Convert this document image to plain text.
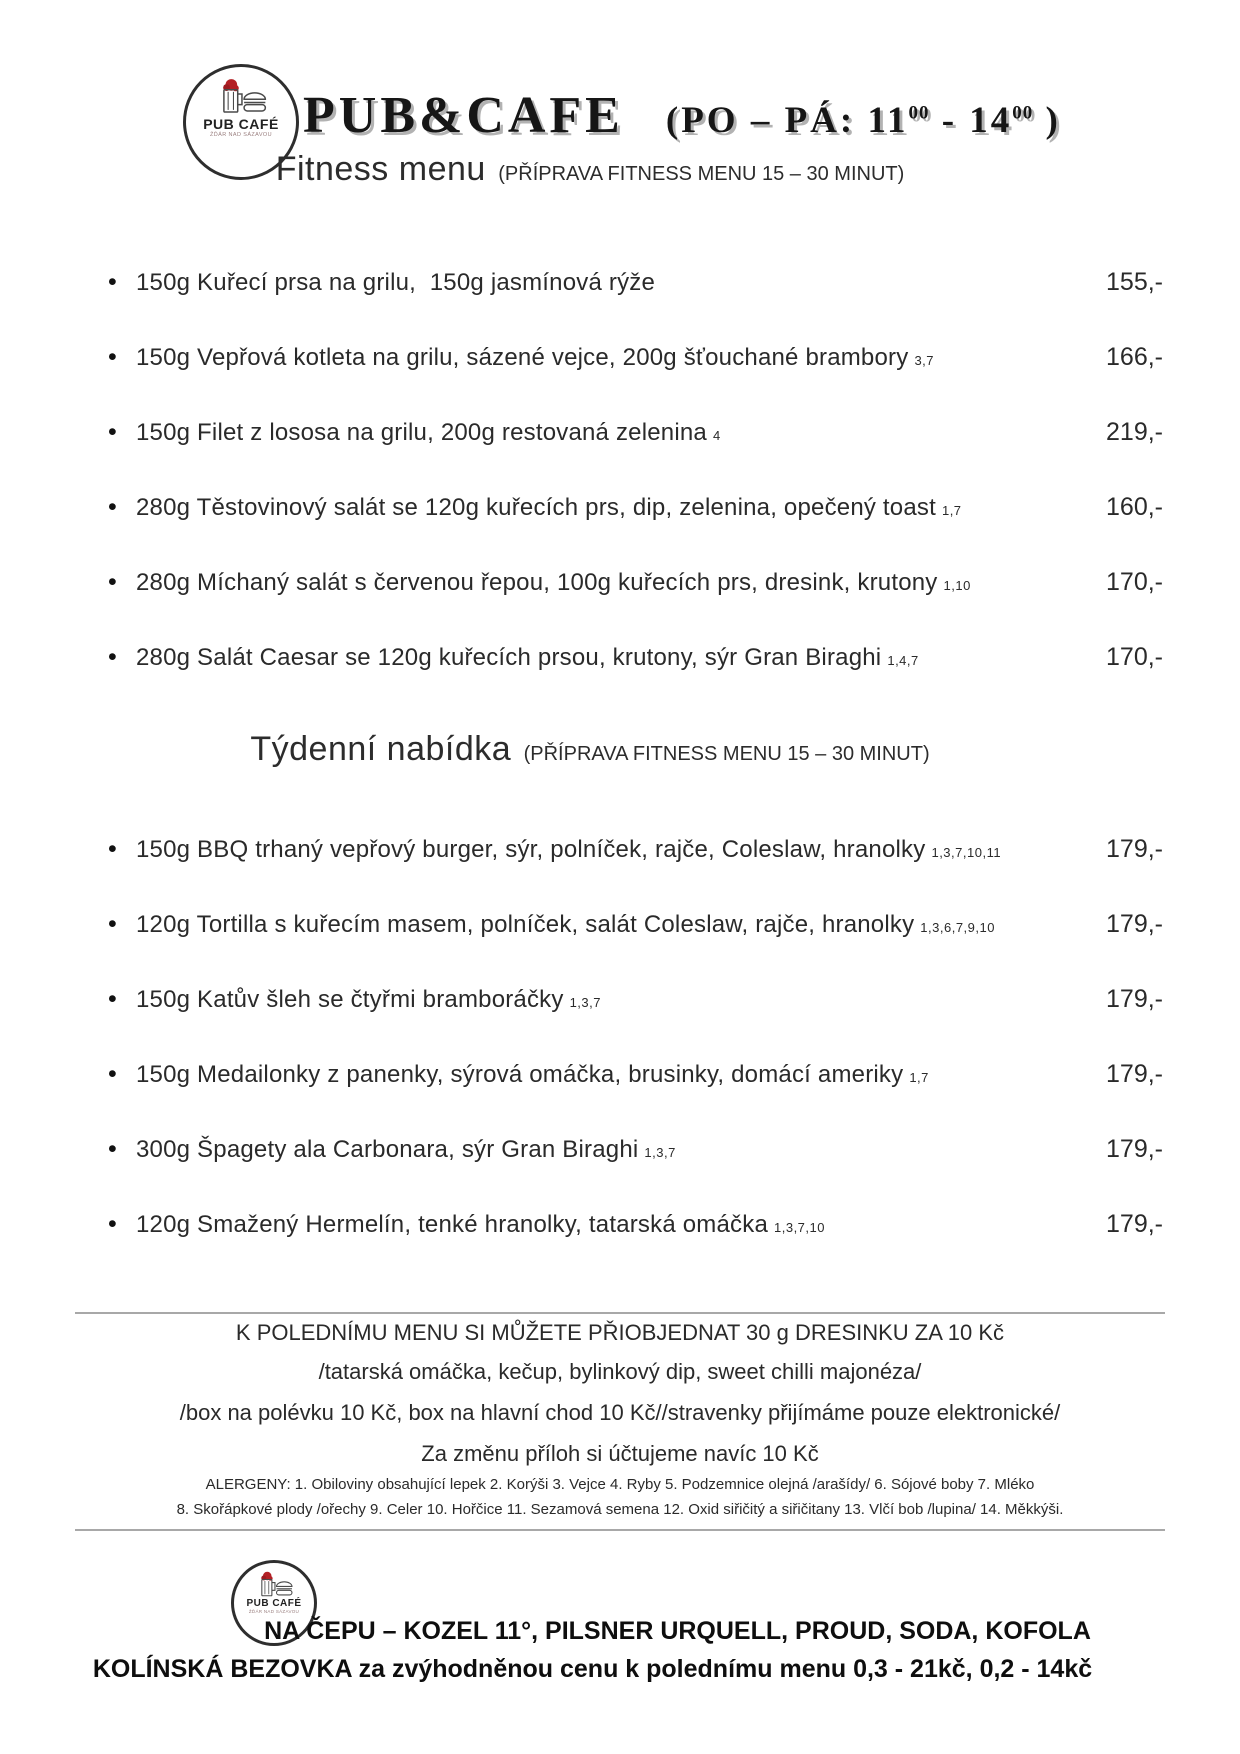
PUB CAFÉ
ŽĎÁR NAD SÁZAVOU PUB&CAFE (PO – PÁ: $11^{00} - 14^{00}$ )
Fitness menu (PŘÍPRAVA FITNESS MENU 15 – 30 MINUT)
• 150g Kuřecí prsa na grilu,  150g jasmínová rýže	155,-
• 150g Vepřová kotleta na grilu, sázené vejce, 200g šťouchané brambory 3,7	166,-
• 150g Filet z lososa na grilu, 200g restovaná zelenina 4	219,-
• 280g Těstovinový salát se 120g kuřecích prs, dip, zelenina, opečený toast 1,7	160,-
• 280g Míchaný salát s červenou řepou, 100g kuřecích prs, dresink, krutony 1,10	170,-
• 280g Salát Caesar se 120g kuřecích prsou, krutony, sýr Gran Biraghi 1,4,7	170,-
Týdenní nabídka (PŘÍPRAVA FITNESS MENU 15 – 30 MINUT)
• 150g BBQ trhaný vepřový burger, sýr, polníček, rajče, Coleslaw, hranolky 1,3,7,10,11	179,-
• 120g Tortilla s kuřecím masem, polníček, salát Coleslaw, rajče, hranolky 1,3,6,7,9,10	179,-
• 150g Katův šleh se čtyřmi bramboráčky 1,3,7	179,-
• 150g Medailonky z panenky, sýrová omáčka, brusinky, domácí ameriky 1,7	179,-
• 300g Špagety ala Carbonara, sýr Gran Biraghi 1,3,7	179,-
• 120g Smažený Hermelín, tenké hranolky, tatarská omáčka 1,3,7,10	179,-
K POLEDNÍMU MENU SI MŮŽETE PŘIOBJEDNAT 30 g DRESINKU ZA 10 Kč
/tatarská omáčka, kečup, bylinkový dip, sweet chilli majonéza/
/box na polévku 10 Kč, box na hlavní chod 10 Kč//stravenky přijímáme pouze elektronické/
Za změnu příloh si účtujeme navíc 10 Kč
ALERGENY: 1. Obiloviny obsahující lepek 2. Korýši 3. Vejce 4. Ryby 5. Podzemnice olejná /arašídy/ 6. Sójové boby 7. Mléko
8. Skořápkové plody /ořechy 9. Celer 10. Hořčice 11. Sezamová semena 12. Oxid siřičitý a siřičitany 13. Vlčí bob /lupina/ 14. Měkkýši.
PUB CAFÉ
ŽĎÁR NAD SÁZAVOU
NA ČEPU – KOZEL 11°, PILSNER URQUELL, PROUD, SODA, KOFOLA
KOLÍNSKÁ BEZOVKA za zvýhodněnou cenu k polednímu menu 0,3 - 21kč, 0,2 - 14kč
